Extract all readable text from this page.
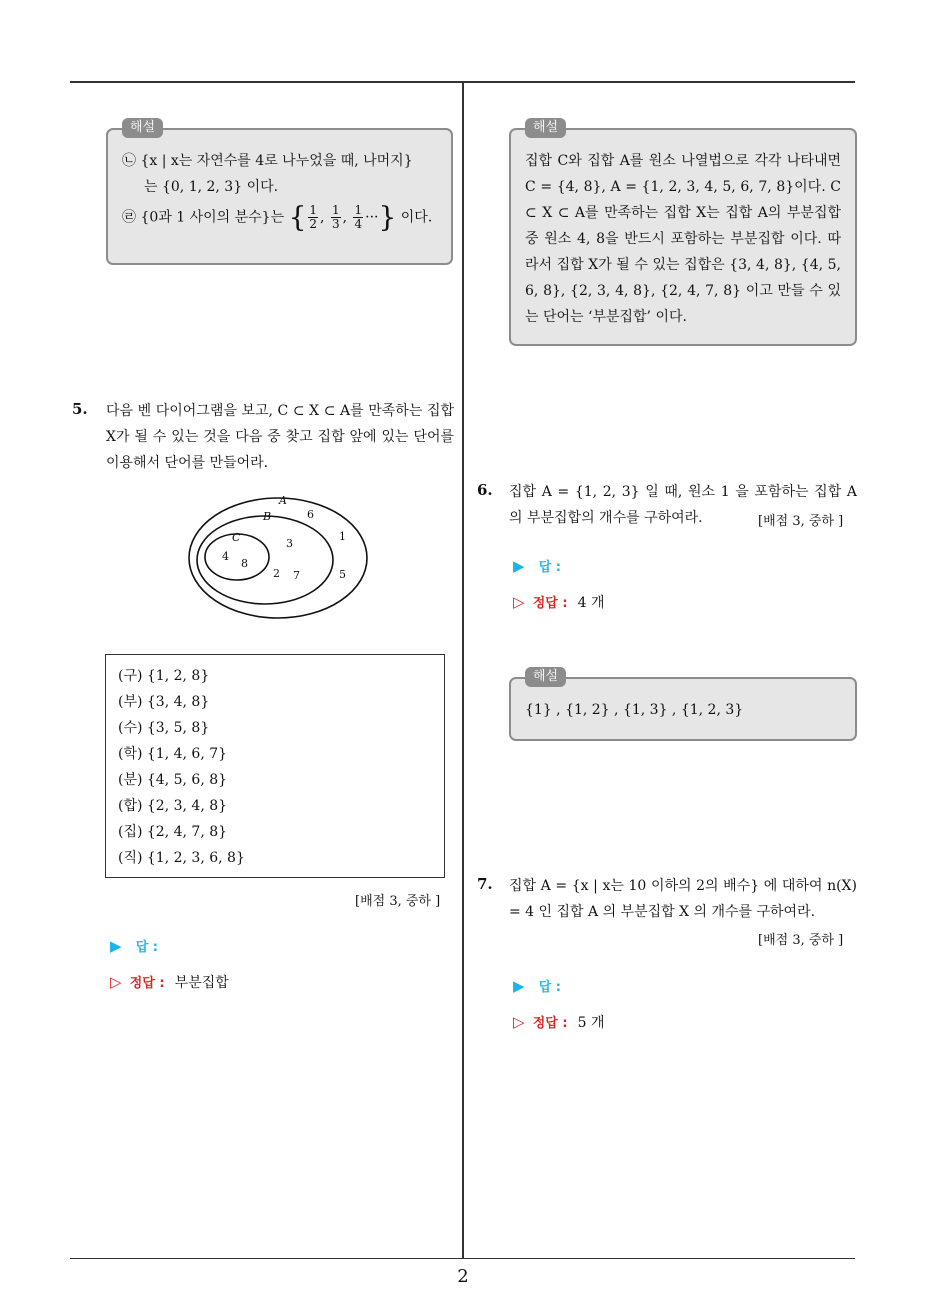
해설
㉡ {x | x는 자연수를 4로 나누었을 때, 나머지}
는 {0, 1, 2, 3} 이다.
㉣ {0과 1 사이의 분수}는 { $\frac{1}{2}$ , $\frac{1}{3}$ , $\frac{1}{4}$ ···} 이다.
5. 다음 벤 다이어그램을 보고, C ⊂ X ⊂ A를 만족하는 집합 X가 될 수 있는 것을 다음 중 찾고 집합 앞에 있는 단어를 이용해서 단어를 만들어라.
A
B
C
6
3
1
4
8
2 7	5
(구) {1, 2, 8}
(부) {3, 4, 8}
(수) {3, 5, 8}
(학) {1, 4, 6, 7}
(분) {4, 5, 6, 8}
(합) {2, 3, 4, 8}
(집) {2, 4, 7, 8}
(직) {1, 2, 3, 6, 8}
[배점 3, 중하 ]
▶ 답 :
▷ 정답 : 부분집합
해설
집합 C와 집합 A를 원소 나열법으로 각각 나타내면 C = {4, 8}, A = {1, 2, 3, 4, 5, 6, 7, 8}이다. C ⊂ X ⊂ A를 만족하는 집합 X는 집합 A의 부분집합 중 원소 4, 8을 반드시 포함하는 부분집합 이다. 따라서 집합 X가 될 수 있는 집합은 {3, 4, 8}, {4, 5, 6, 8}, {2, 3, 4, 8}, {2, 4, 7, 8} 이고 만들 수 있는 단어는 ‘부분집합’ 이다.
6. 집합 A = {1, 2, 3} 일 때, 원소 1 을 포함하는 집합 A 의 부분집합의 개수를 구하여라.	[배점 3, 중하 ]
▶ 답 :
▷ 정답 : 4 개
해설
{1} , {1, 2} , {1, 3} , {1, 2, 3}
7. 집합 A = {x | x는 10 이하의 2의 배수} 에 대하여 n(X) = 4 인 집합 A 의 부분집합 X 의 개수를 구하여라.
[배점 3, 중하 ]
▶ 답 :
▷ 정답 : 5 개
2
